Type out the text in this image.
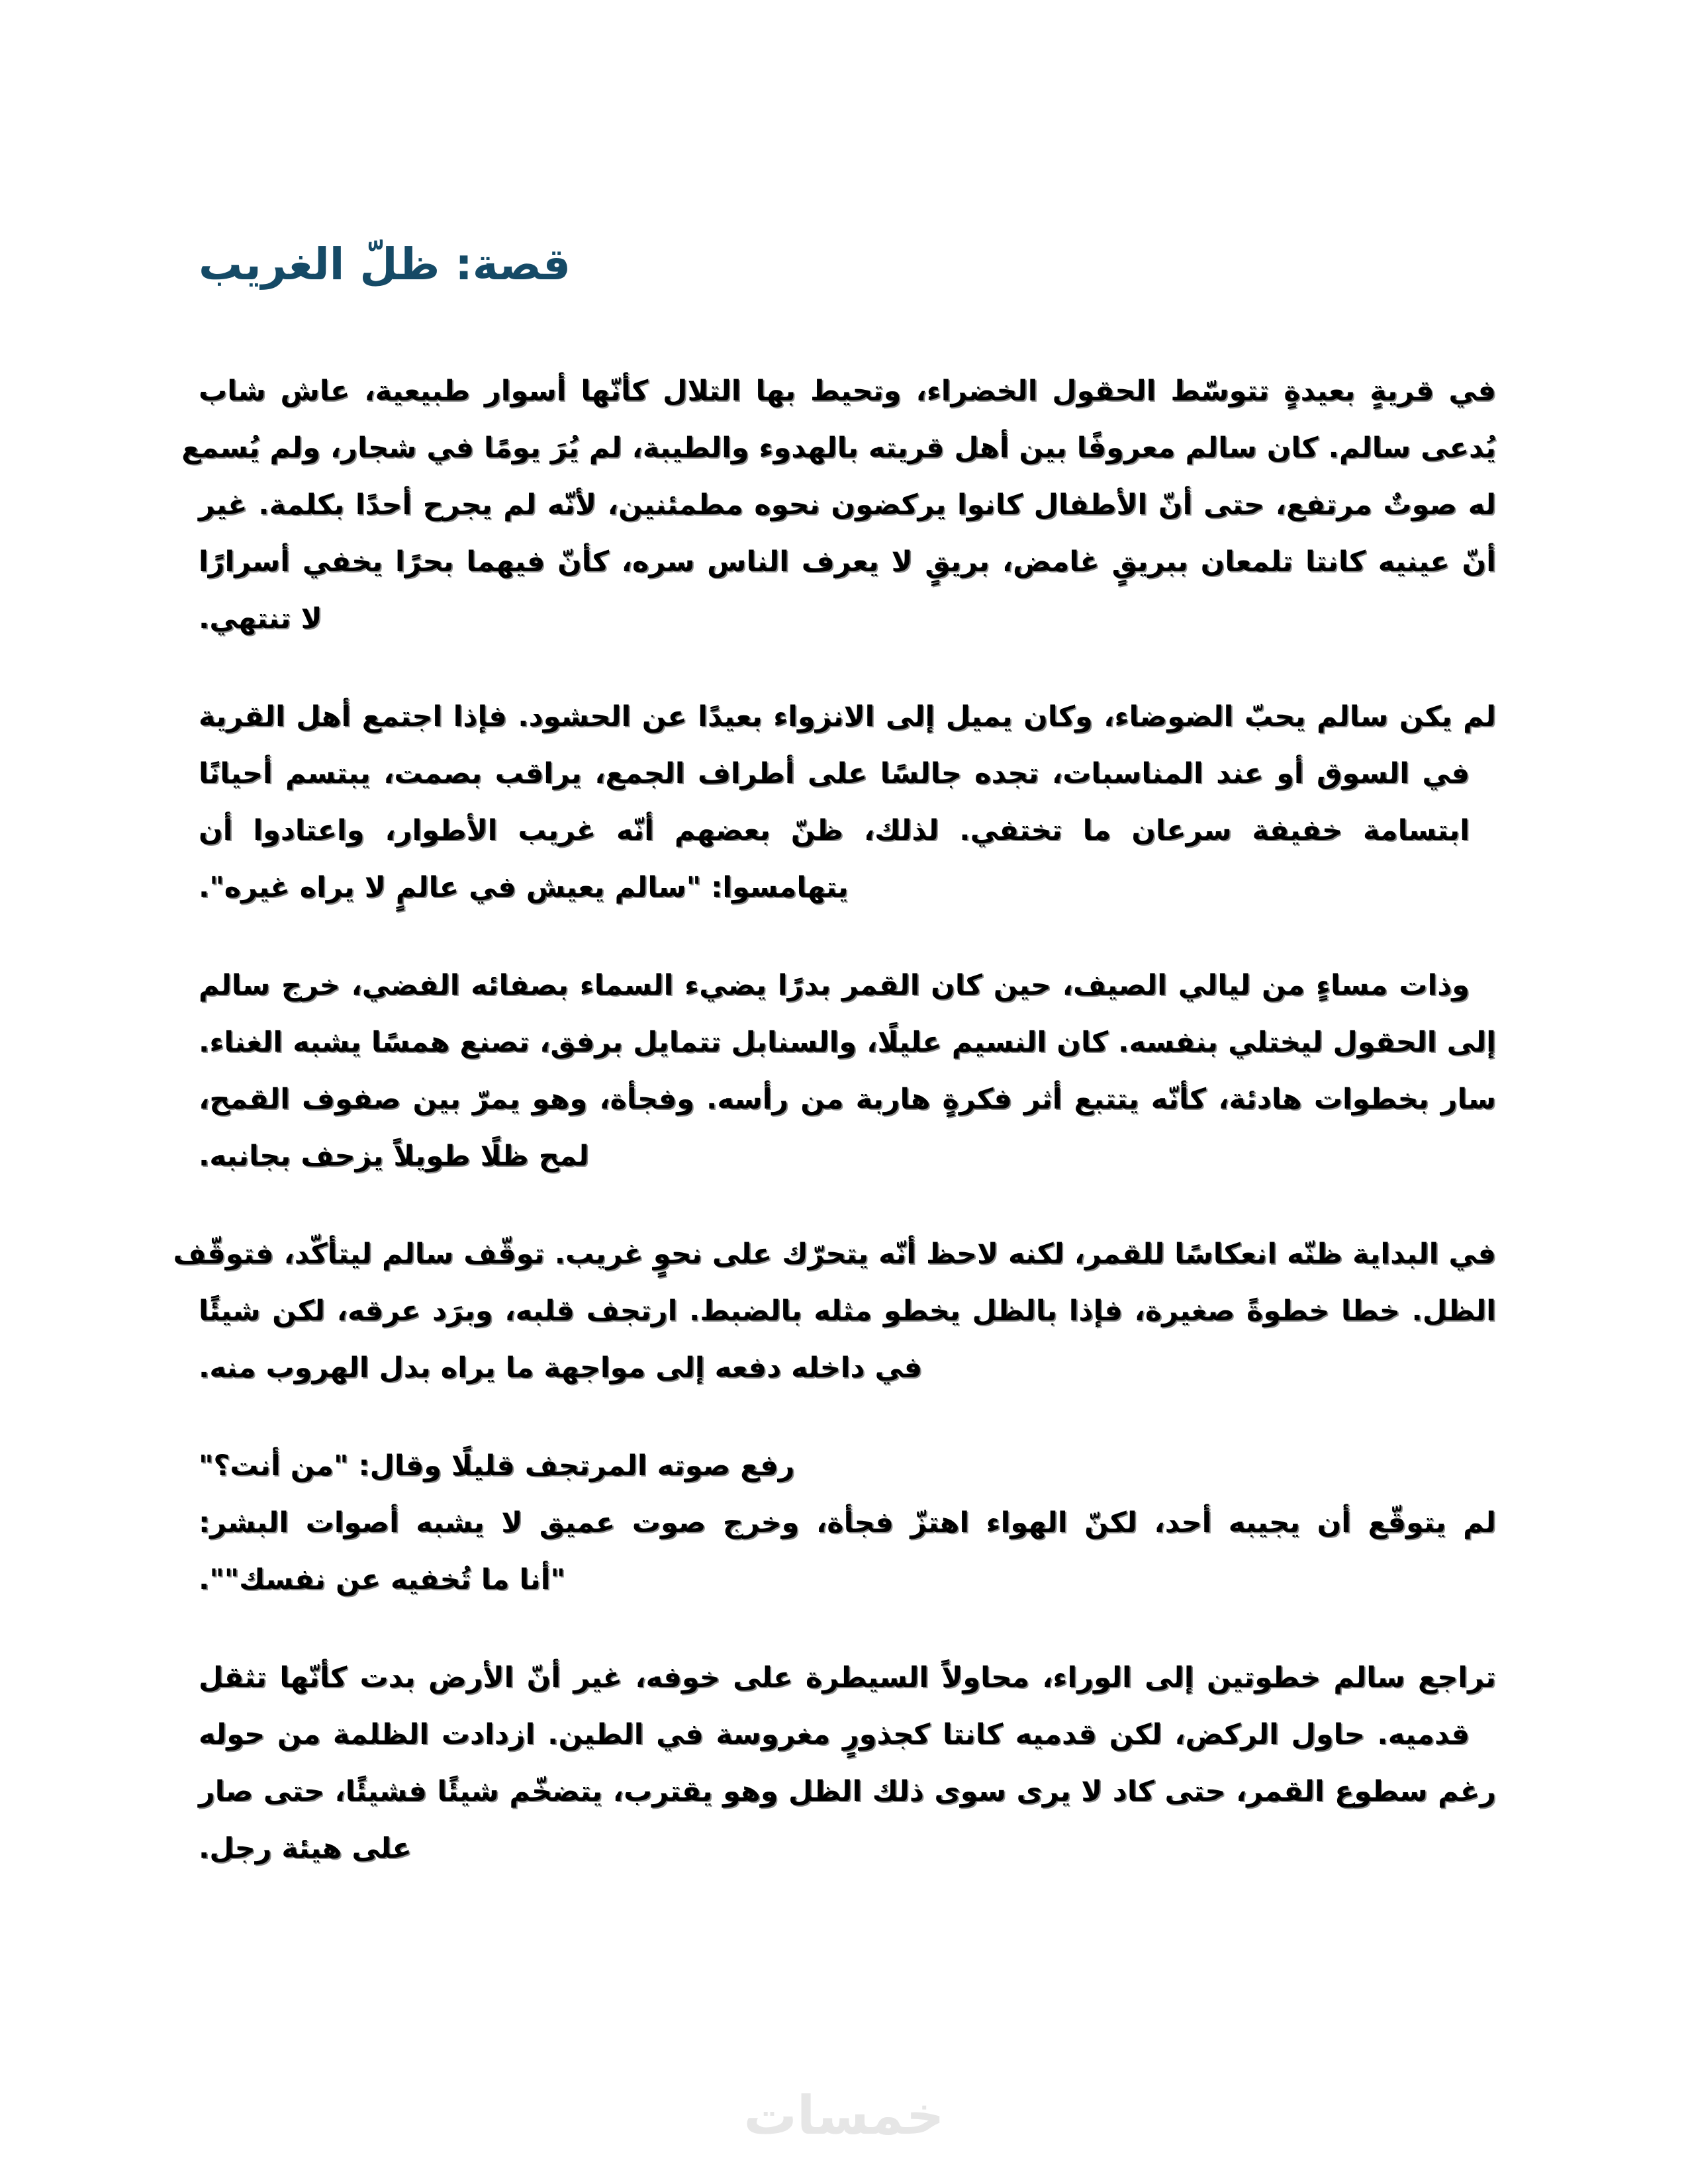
قصة: ظلّ الغريب

في قريةٍ بعيدةٍ تتوسّط الحقول الخضراء، وتحيط بها التلال كأنّها أسوار طبيعية، عاش شاب
يُدعى سالم. كان سالم معروفًا بين أهل قريته بالهدوء والطيبة، لم يُرَ يومًا في شجار، ولم يُسمع
له صوتٌ مرتفع، حتى أنّ الأطفال كانوا يركضون نحوه مطمئنين، لأنّه لم يجرح أحدًا بكلمة. غير
أنّ عينيه كانتا تلمعان ببريقٍ غامض، بريقٍ لا يعرف الناس سره، كأنّ فيهما بحرًا يخفي أسرارًا
لا تنتهي.

لم يكن سالم يحبّ الضوضاء، وكان يميل إلى الانزواء بعيدًا عن الحشود. فإذا اجتمع أهل القرية
في السوق أو عند المناسبات، تجده جالسًا على أطراف الجمع، يراقب بصمت، يبتسم أحيانًا
ابتسامة خفيفة سرعان ما تختفي. لذلك، ظنّ بعضهم أنّه غريب الأطوار، واعتادوا أن
يتهامسوا: "سالم يعيش في عالمٍ لا يراه غيره".

وذات مساءٍ من ليالي الصيف، حين كان القمر بدرًا يضيء السماء بصفائه الفضي، خرج سالم
إلى الحقول ليختلي بنفسه. كان النسيم عليلًا، والسنابل تتمايل برفق، تصنع همسًا يشبه الغناء.
سار بخطوات هادئة، كأنّه يتتبع أثر فكرةٍ هاربة من رأسه. وفجأة، وهو يمرّ بين صفوف القمح،
لمح ظلًا طويلاً يزحف بجانبه.

في البداية ظنّه انعكاسًا للقمر، لكنه لاحظ أنّه يتحرّك على نحوٍ غريب. توقّف سالم ليتأكّد، فتوقّف
الظل. خطا خطوةً صغيرة، فإذا بالظل يخطو مثله بالضبط. ارتجف قلبه، وبرَد عرقه، لكن شيئًا
في داخله دفعه إلى مواجهة ما يراه بدل الهروب منه.

رفع صوته المرتجف قليلًا وقال: "من أنت؟"
لم يتوقّع أن يجيبه أحد، لكنّ الهواء اهتزّ فجأة، وخرج صوت عميق لا يشبه أصوات البشر:
"أنا ما تُخفيه عن نفسك"".

تراجع سالم خطوتين إلى الوراء، محاولاً السيطرة على خوفه، غير أنّ الأرض بدت كأنّها تثقل
قدميه. حاول الركض، لكن قدميه كانتا كجذورٍ مغروسة في الطين. ازدادت الظلمة من حوله
رغم سطوع القمر، حتى كاد لا يرى سوى ذلك الظل وهو يقترب، يتضخّم شيئًا فشيئًا، حتى صار
على هيئة رجل.

خمسات
